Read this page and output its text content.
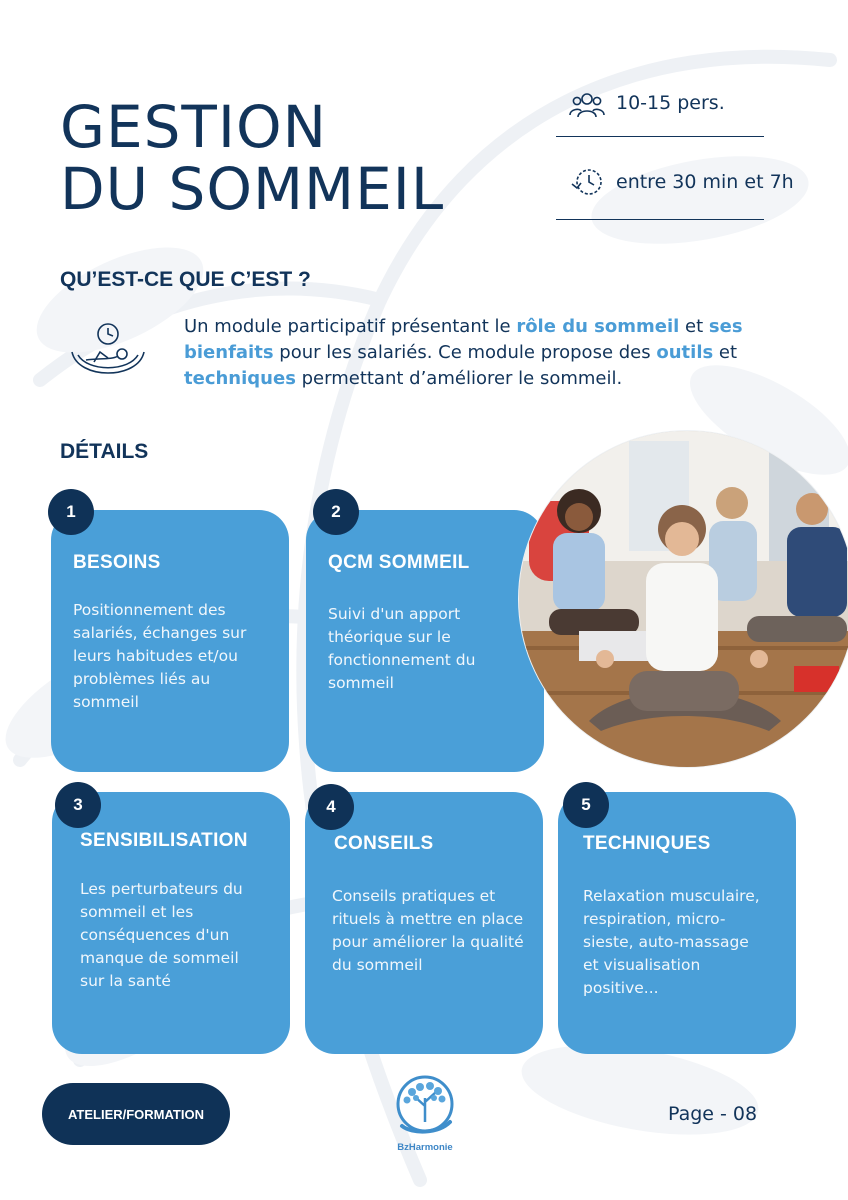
GESTION
DU SOMMEIL
10-15 pers.
entre 30 min et 7h
QU’EST-CE QUE C’EST ?

Un module participatif présentant le rôle du sommeil et ses bienfaits pour les salariés. Ce module propose des outils et techniques permettant d’améliorer le sommeil.

DÉTAILS
BESOINS
Positionnement des salariés, échanges sur leurs habitudes et/ou problèmes liés au sommeil
1
QCM SOMMEIL
Suivi d'un apport théorique sur le fonctionnement du sommeil
2
SENSIBILISATION
Les perturbateurs du sommeil et les conséquences d'un manque de sommeil sur la santé
3
CONSEILS
Conseils pratiques et rituels à mettre en place pour améliorer la qualité du sommeil
4
TECHNIQUES
Relaxation musculaire, respiration, micro-sieste, auto-massage et visualisation positive...
5
ATELIER/FORMATION
BzHarmonie
Page - 08
